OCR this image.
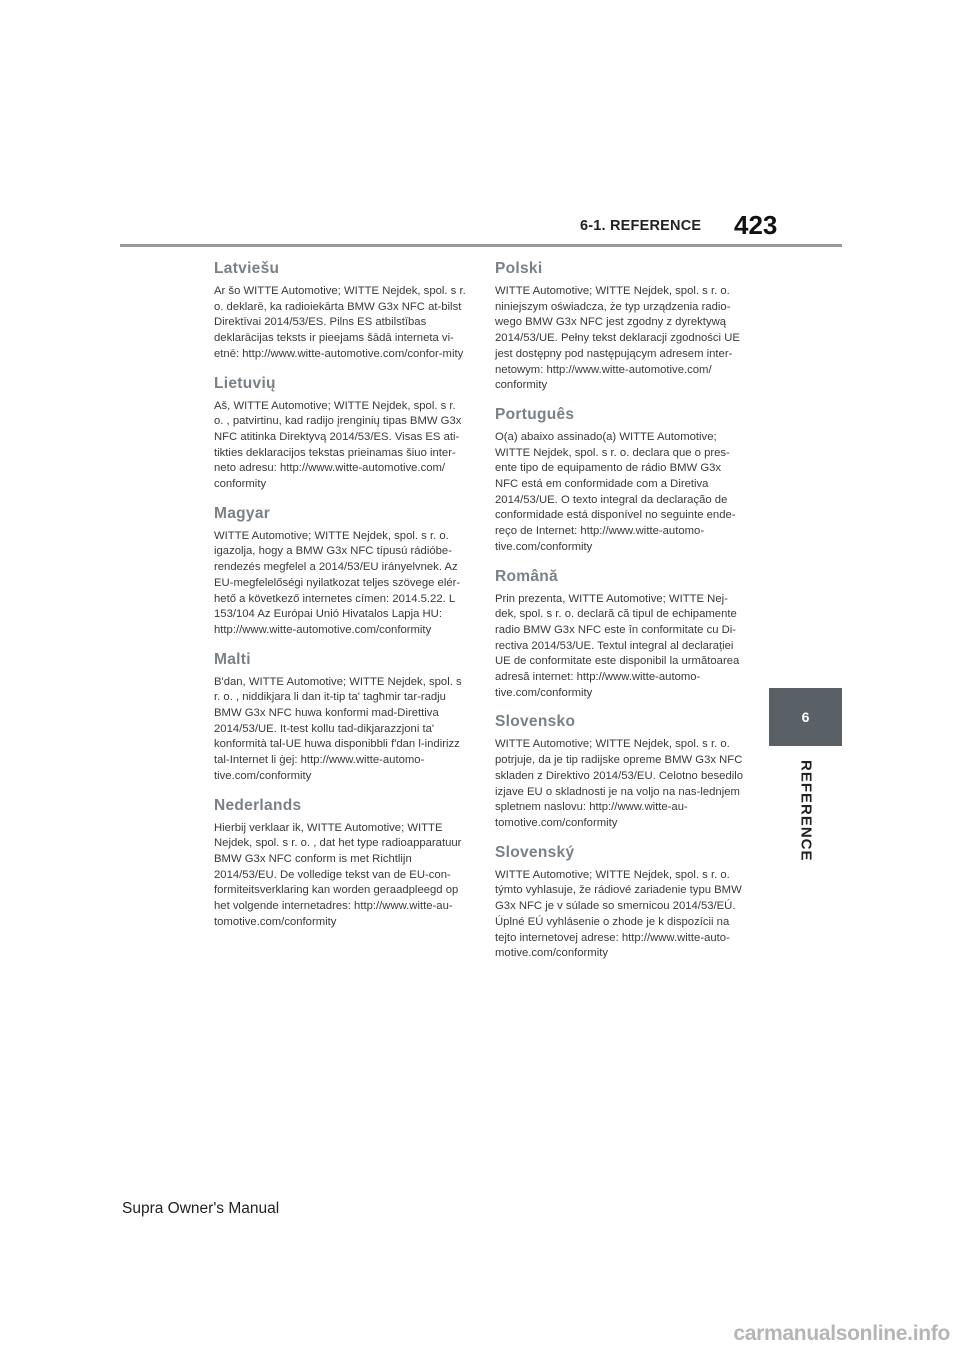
6-1. REFERENCE 423
Latviešu

Ar šo WITTE Automotive; WITTE Nejdek, spol. s r. o. deklarē, ka radioiekārta BMW G3x NFC at-bilst Direktīvai 2014/53/ES. Pilns ES atbilstības deklarācijas teksts ir pieejams šādā interneta vi-etnē: http://www.witte-automotive.com/confor-mity

Lietuvių

Aš, WITTE Automotive; WITTE Nejdek, spol. s r. o. , patvirtinu, kad radijo įrenginių tipas BMW G3x NFC atitinka Direktyvą 2014/53/ES. Visas ES ati-tikties deklaracijos tekstas prieinamas šiuo inter-neto adresu: http://www.witte-automotive.com/ conformity

Magyar

WITTE Automotive; WITTE Nejdek, spol. s r. o. igazolja, hogy a BMW G3x NFC típusú rádióbe-rendezés megfelel a 2014/53/EU irányelvnek. Az EU-megfelelőségi nyilatkozat teljes szövege elér-hető a következő internetes címen: 2014.5.22. L 153/104 Az Európai Unió Hivatalos Lapja HU: http://www.witte-automotive.com/conformity

Malti

B'dan, WITTE Automotive; WITTE Nejdek, spol. s r. o. , niddikjara li dan it-tip ta' tagħmir tar-radju BMW G3x NFC huwa konformi mad-Direttiva 2014/53/UE. It-test kollu tad-dikjarazzjoni ta' konformità tal-UE huwa disponibbli f'dan l-indirizz tal-Internet li ġej: http://www.witte-automo-tive.com/conformity

Nederlands

Hierbij verklaar ik, WITTE Automotive; WITTE Nejdek, spol. s r. o. , dat het type radioapparatuur BMW G3x NFC conform is met Richtlijn 2014/53/EU. De volledige tekst van de EU-con-formiteitsverklaring kan worden geraadpleegd op het volgende internetadres: http://www.witte-au-tomotive.com/conformity

Polski

WITTE Automotive; WITTE Nejdek, spol. s r. o. niniejszym oświadcza, że typ urządzenia radio-wego BMW G3x NFC jest zgodny z dyrektywą 2014/53/UE. Pełny tekst deklaracji zgodności UE jest dostępny pod następującym adresem inter-netowym: http://www.witte-automotive.com/ conformity

Português

O(a) abaixo assinado(a) WITTE Automotive; WITTE Nejdek, spol. s r. o. declara que o pres-ente tipo de equipamento de rádio BMW G3x NFC está em conformidade com a Diretiva 2014/53/UE. O texto integral da declaração de conformidade está disponível no seguinte ende-reço de Internet: http://www.witte-automo-tive.com/conformity

Română

Prin prezenta, WITTE Automotive; WITTE Nej-dek, spol. s r. o. declară că tipul de echipamente radio BMW G3x NFC este în conformitate cu Di-rectiva 2014/53/UE. Textul integral al declarației UE de conformitate este disponibil la următoarea adresă internet: http://www.witte-automo-tive.com/conformity

Slovensko

WITTE Automotive; WITTE Nejdek, spol. s r. o. potrjuje, da je tip radijske opreme BMW G3x NFC skladen z Direktivo 2014/53/EU. Celotno besedilo izjave EU o skladnosti je na voljo na nas-lednjem spletnem naslovu: http://www.witte-au-tomotive.com/conformity

Slovenský

WITTE Automotive; WITTE Nejdek, spol. s r. o. týmto vyhlasuje, že rádiové zariadenie typu BMW G3x NFC je v súlade so smernicou 2014/53/EÚ. Úplné EÚ vyhlásenie o zhode je k dispozícii na tejto internetovej adrese: http://www.witte-auto-motive.com/conformity

6
REFERENCE
Supra Owner's Manual
carmanualsonline.info
